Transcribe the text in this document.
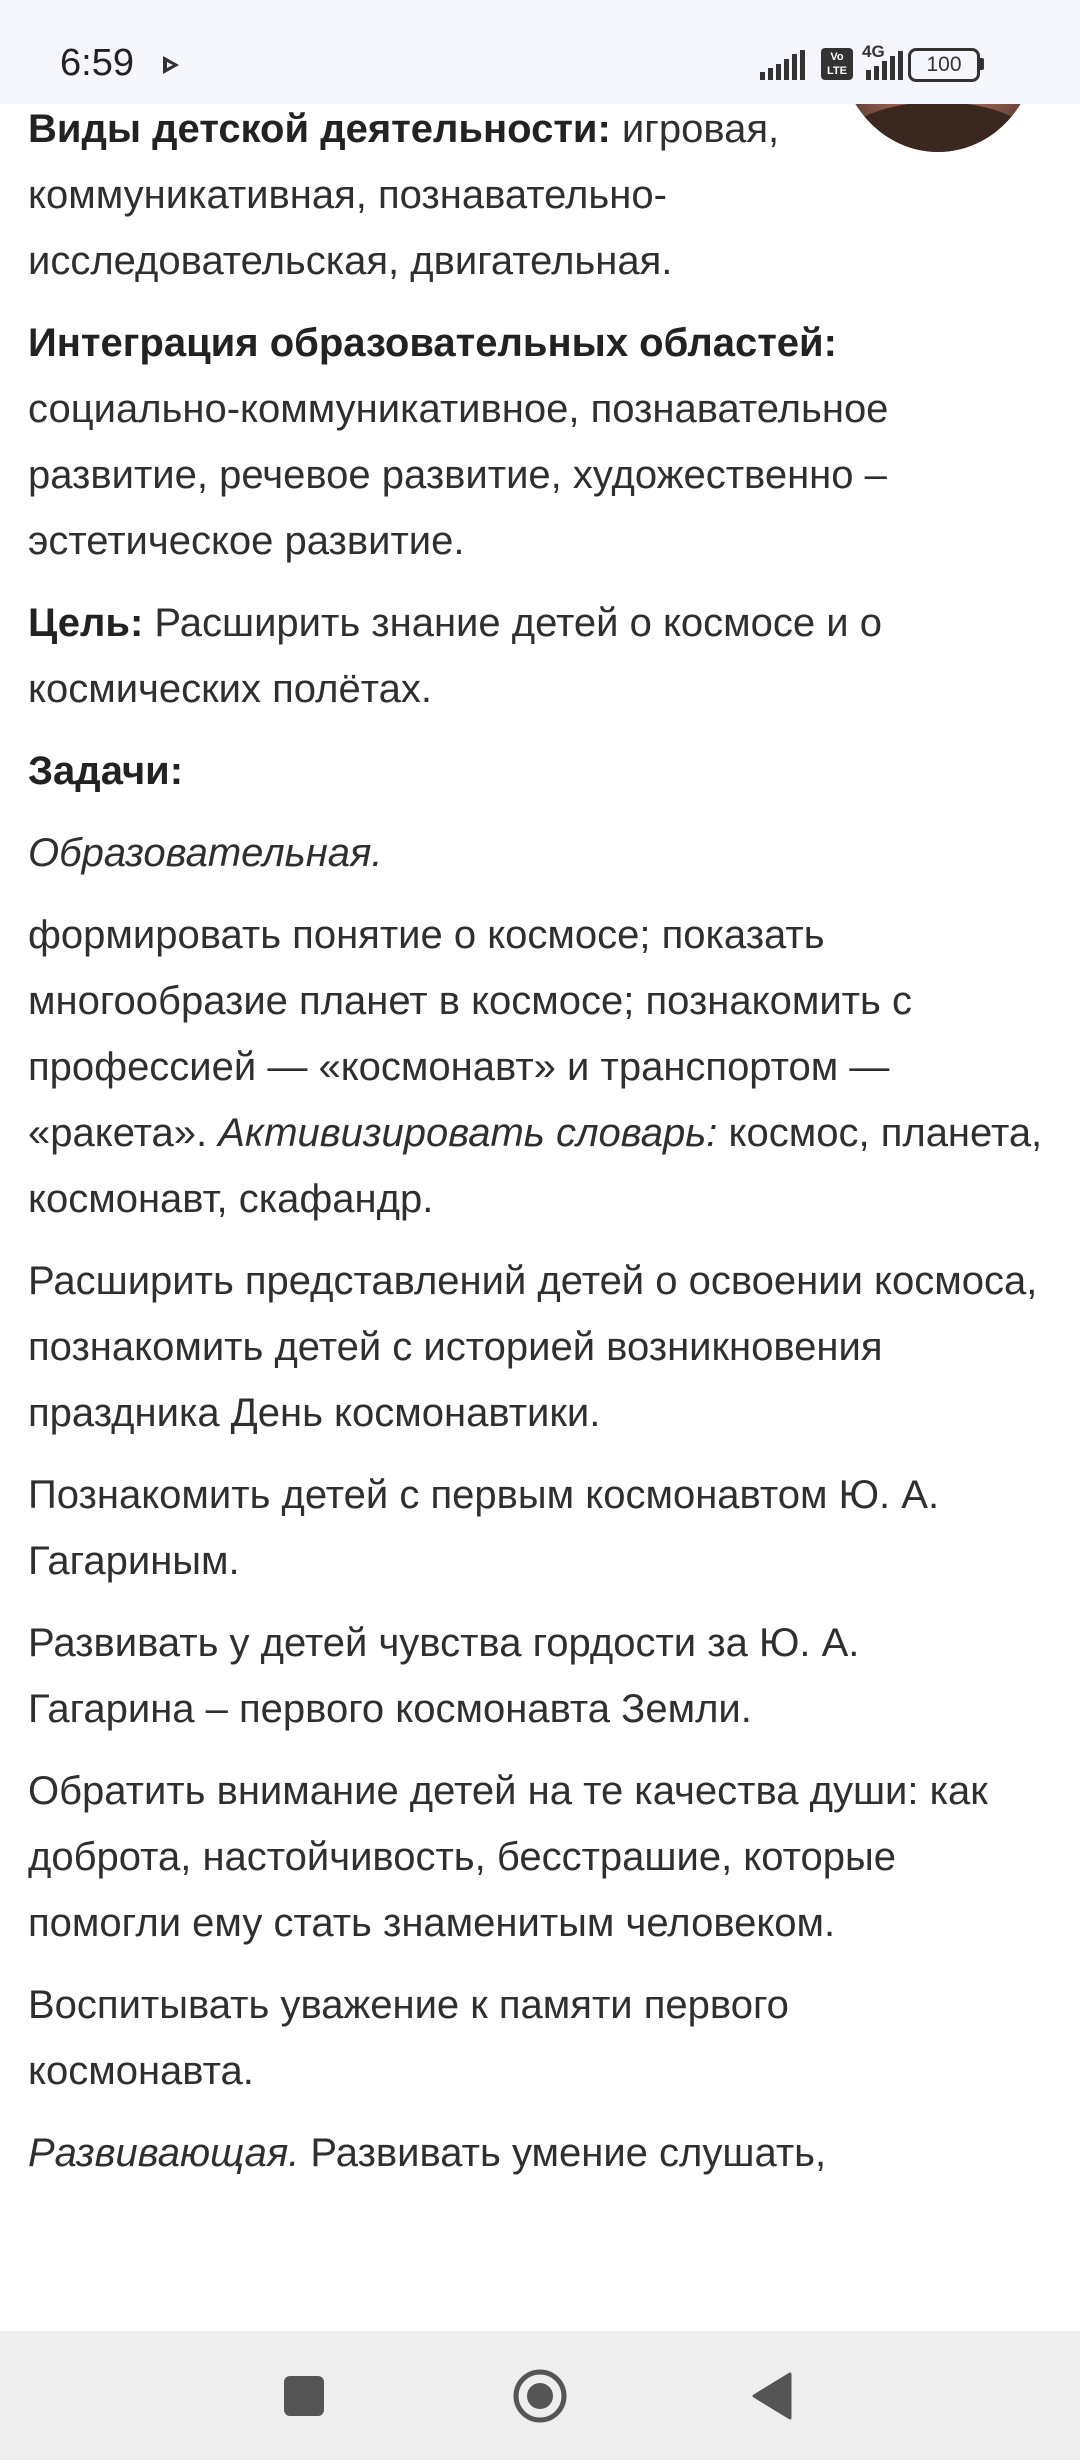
6:59	Vo LTE
4G
100

Виды детской деятельности: игровая, коммуникативная, познавательно-исследовательская, двигательная.

Интеграция образовательных областей: социально-коммуникативное, познавательное развитие, речевое развитие, художественно – эстетическое развитие.

Цель: Расширить знание детей о космосе и о космических полётах.

Задачи:

Образовательная.

формировать понятие о космосе; показать многообразие планет в космосе; познакомить с профессией — «космонавт» и транспортом — «ракета». Активизировать словарь: космос, планета, космонавт, скафандр.

Расширить представлений детей о освоении космоса, познакомить детей с историей возникновения праздника День космонавтики.

Познакомить детей с первым космонавтом Ю. А. Гагариным.

Развивать у детей чувства гордости за Ю. А. Гагарина – первого космонавта Земли.

Обратить внимание детей на те качества души: как доброта, настойчивость, бесстрашие, которые помогли ему стать знаменитым человеком.

Воспитывать уважение к памяти первого космонавта.

Развивающая. Развивать умение слушать,
